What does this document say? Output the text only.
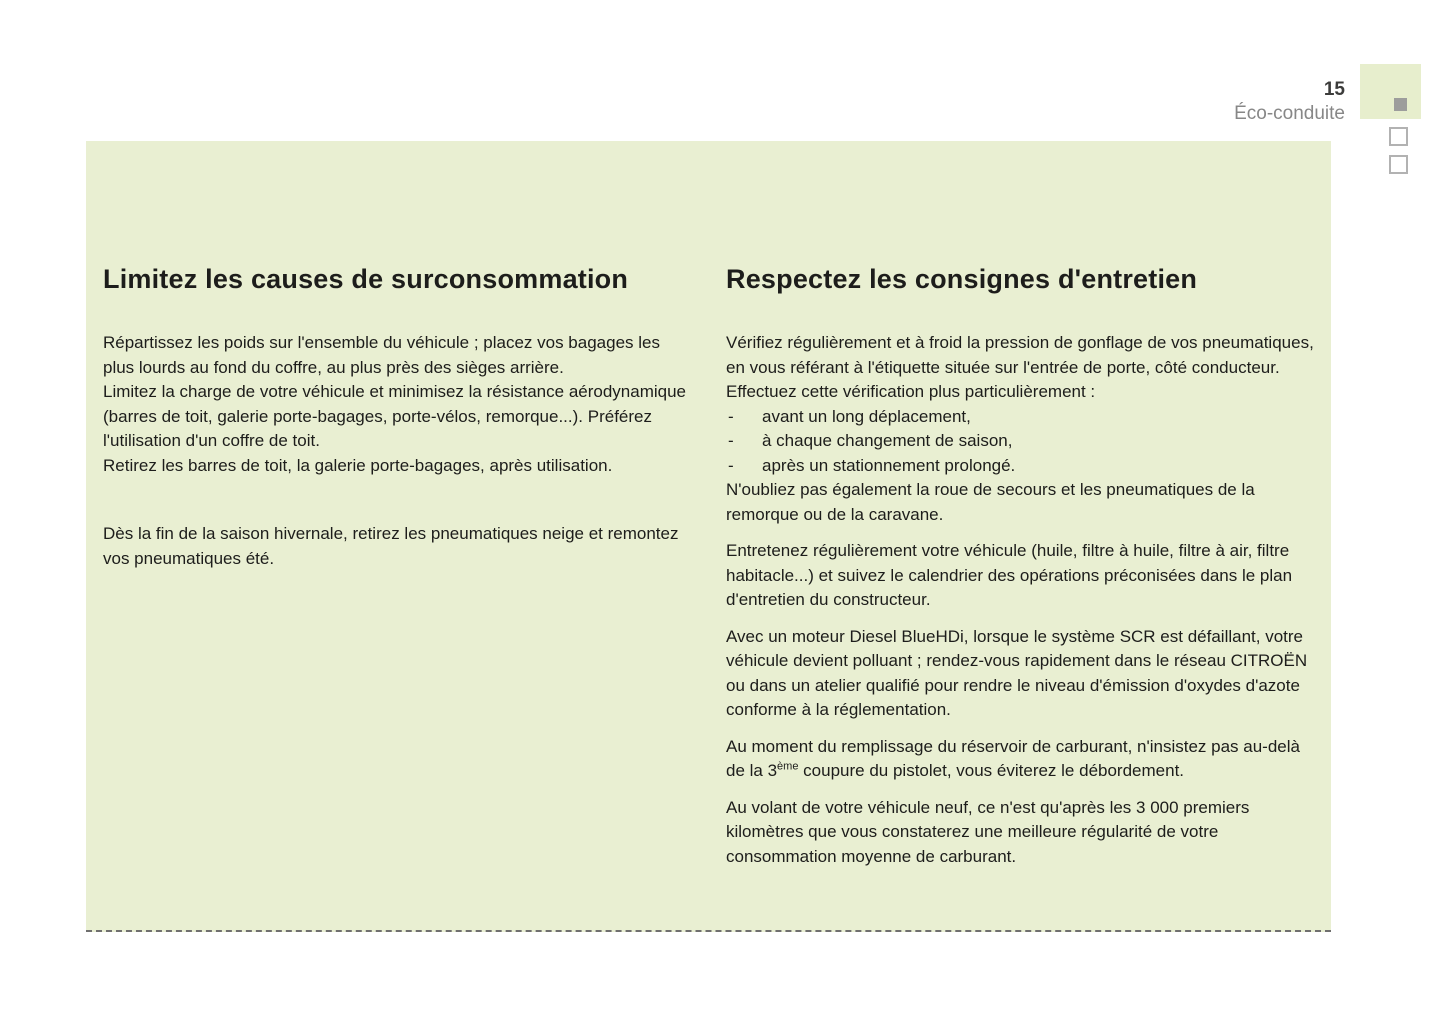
15
Éco-conduite
Limitez les causes de surconsommation

Répartissez les poids sur l'ensemble du véhicule ; placez vos bagages les plus lourds au fond du coffre, au plus près des sièges arrière.

Limitez la charge de votre véhicule et minimisez la résistance aérodynamique (barres de toit, galerie porte-bagages, porte-vélos, remorque...). Préférez l'utilisation d'un coffre de toit.

Retirez les barres de toit, la galerie porte-bagages, après utilisation.

Dès la fin de la saison hivernale, retirez les pneumatiques neige et remontez vos pneumatiques été.

Respectez les consignes d'entretien

Vérifiez régulièrement et à froid la pression de gonflage de vos pneumatiques, en vous référant à l'étiquette située sur l'entrée de porte, côté conducteur.

Effectuez cette vérification plus particulièrement :

- avant un long déplacement,
- à chaque changement de saison,
- après un stationnement prolongé.

N'oubliez pas également la roue de secours et les pneumatiques de la remorque ou de la caravane.

Entretenez régulièrement votre véhicule (huile, filtre à huile, filtre à air, filtre habitacle...) et suivez le calendrier des opérations préconisées dans le plan d'entretien du constructeur.

Avec un moteur Diesel BlueHDi, lorsque le système SCR est défaillant, votre véhicule devient polluant ; rendez-vous rapidement dans le réseau CITROËN ou dans un atelier qualifié pour rendre le niveau d'émission d'oxydes d'azote conforme à la réglementation.

Au moment du remplissage du réservoir de carburant, n'insistez pas au-delà de la 3ème coupure du pistolet, vous éviterez le débordement.

Au volant de votre véhicule neuf, ce n'est qu'après les 3 000 premiers kilomètres que vous constaterez une meilleure régularité de votre consommation moyenne de carburant.
